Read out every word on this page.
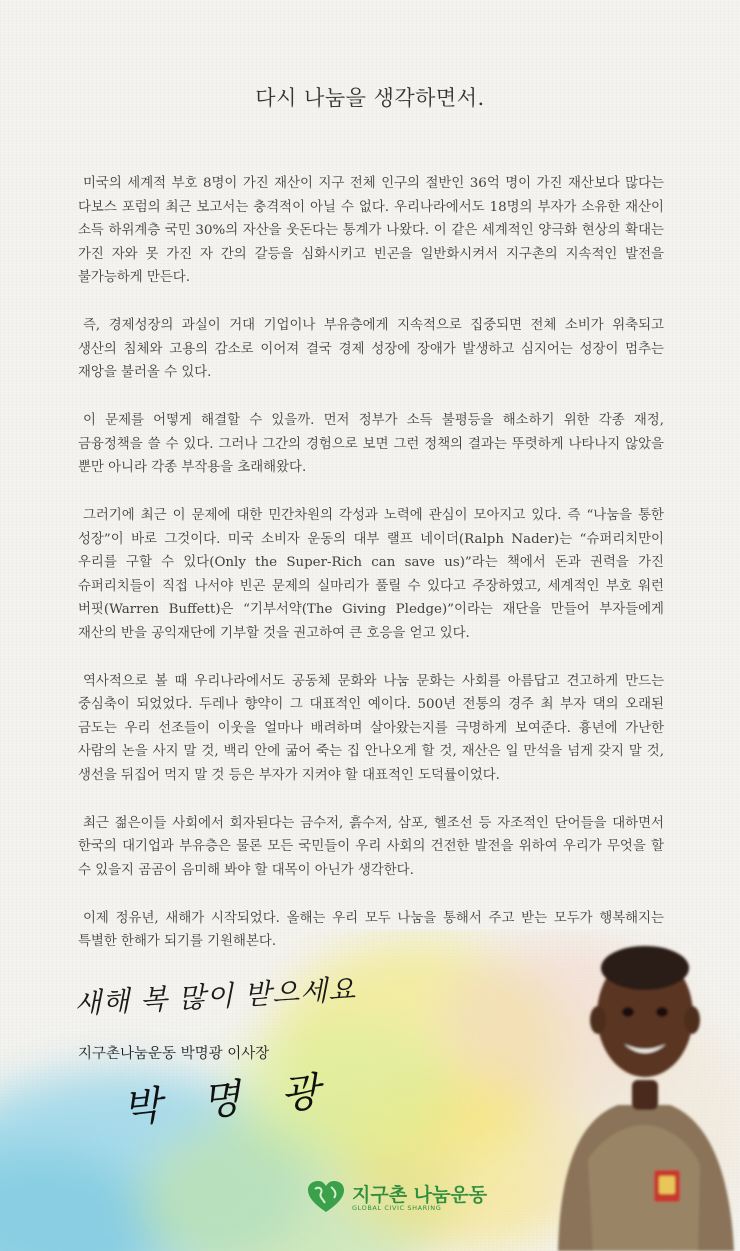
다시 나눔을 생각하면서.

미국의 세계적 부호 8명이 가진 재산이 지구 전체 인구의 절반인 36억 명이 가진 재산보다 많다는 다보스 포럼의 최근 보고서는 충격적이 아닐 수 없다. 우리나라에서도 18명의 부자가 소유한 재산이 소득 하위계층 국민 30%의 자산을 웃돈다는 통계가 나왔다. 이 같은 세계적인 양극화 현상의 확대는 가진 자와 못 가진 자 간의 갈등을 심화시키고 빈곤을 일반화시켜서 지구촌의 지속적인 발전을 불가능하게 만든다.

즉, 경제성장의 과실이 거대 기업이나 부유층에게 지속적으로 집중되면 전체 소비가 위축되고 생산의 침체와 고용의 감소로 이어져 결국 경제 성장에 장애가 발생하고 심지어는 성장이 멈추는 재앙을 불러올 수 있다.

이 문제를 어떻게 해결할 수 있을까. 먼저 정부가 소득 불평등을 해소하기 위한 각종 재정, 금융정책을 쓸 수 있다. 그러나 그간의 경험으로 보면 그런 정책의 결과는 뚜렷하게 나타나지 않았을 뿐만 아니라 각종 부작용을 초래해왔다.

그러기에 최근 이 문제에 대한 민간차원의 각성과 노력에 관심이 모아지고 있다. 즉 “나눔을 통한 성장”이 바로 그것이다. 미국 소비자 운동의 대부 랠프 네이더(Ralph Nader)는 “슈퍼리치만이 우리를 구할 수 있다(Only the Super-Rich can save us)”라는 책에서 돈과 권력을 가진 슈퍼리치들이 직접 나서야 빈곤 문제의 실마리가 풀릴 수 있다고 주장하였고, 세계적인 부호 워런 버핏(Warren Buffett)은 “기부서약(The Giving Pledge)”이라는 재단을 만들어 부자들에게 재산의 반을 공익재단에 기부할 것을 권고하여 큰 호응을 얻고 있다.

역사적으로 볼 때 우리나라에서도 공동체 문화와 나눔 문화는 사회를 아름답고 견고하게 만드는 중심축이 되었었다. 두레나 향약이 그 대표적인 예이다. 500년 전통의 경주 최 부자 댁의 오래된 금도는 우리 선조들이 이웃을 얼마나 배려하며 살아왔는지를 극명하게 보여준다. 흉년에 가난한 사람의 논을 사지 말 것, 백리 안에 굶어 죽는 집 안나오게 할 것, 재산은 일 만석을 넘게 갖지 말 것, 생선을 뒤집어 먹지 말 것 등은 부자가 지켜야 할 대표적인 도덕률이었다.

최근 젊은이들 사회에서 회자된다는 금수저, 흙수저, 삼포, 헬조선 등 자조적인 단어들을 대하면서 한국의 대기업과 부유층은 물론 모든 국민들이 우리 사회의 건전한 발전을 위하여 우리가 무엇을 할 수 있을지 곰곰이 음미해 봐야 할 대목이 아닌가 생각한다.

이제 정유년, 새해가 시작되었다. 올해는 우리 모두 나눔을 통해서 주고 받는 모두가 행복해지는 특별한 한해가 되기를 기원해본다.

새해 복 많이 받으세요
지구촌나눔운동 박명광 이사장
박 명 광
지구촌 나눔운동
GLOBAL CIVIC SHARING
